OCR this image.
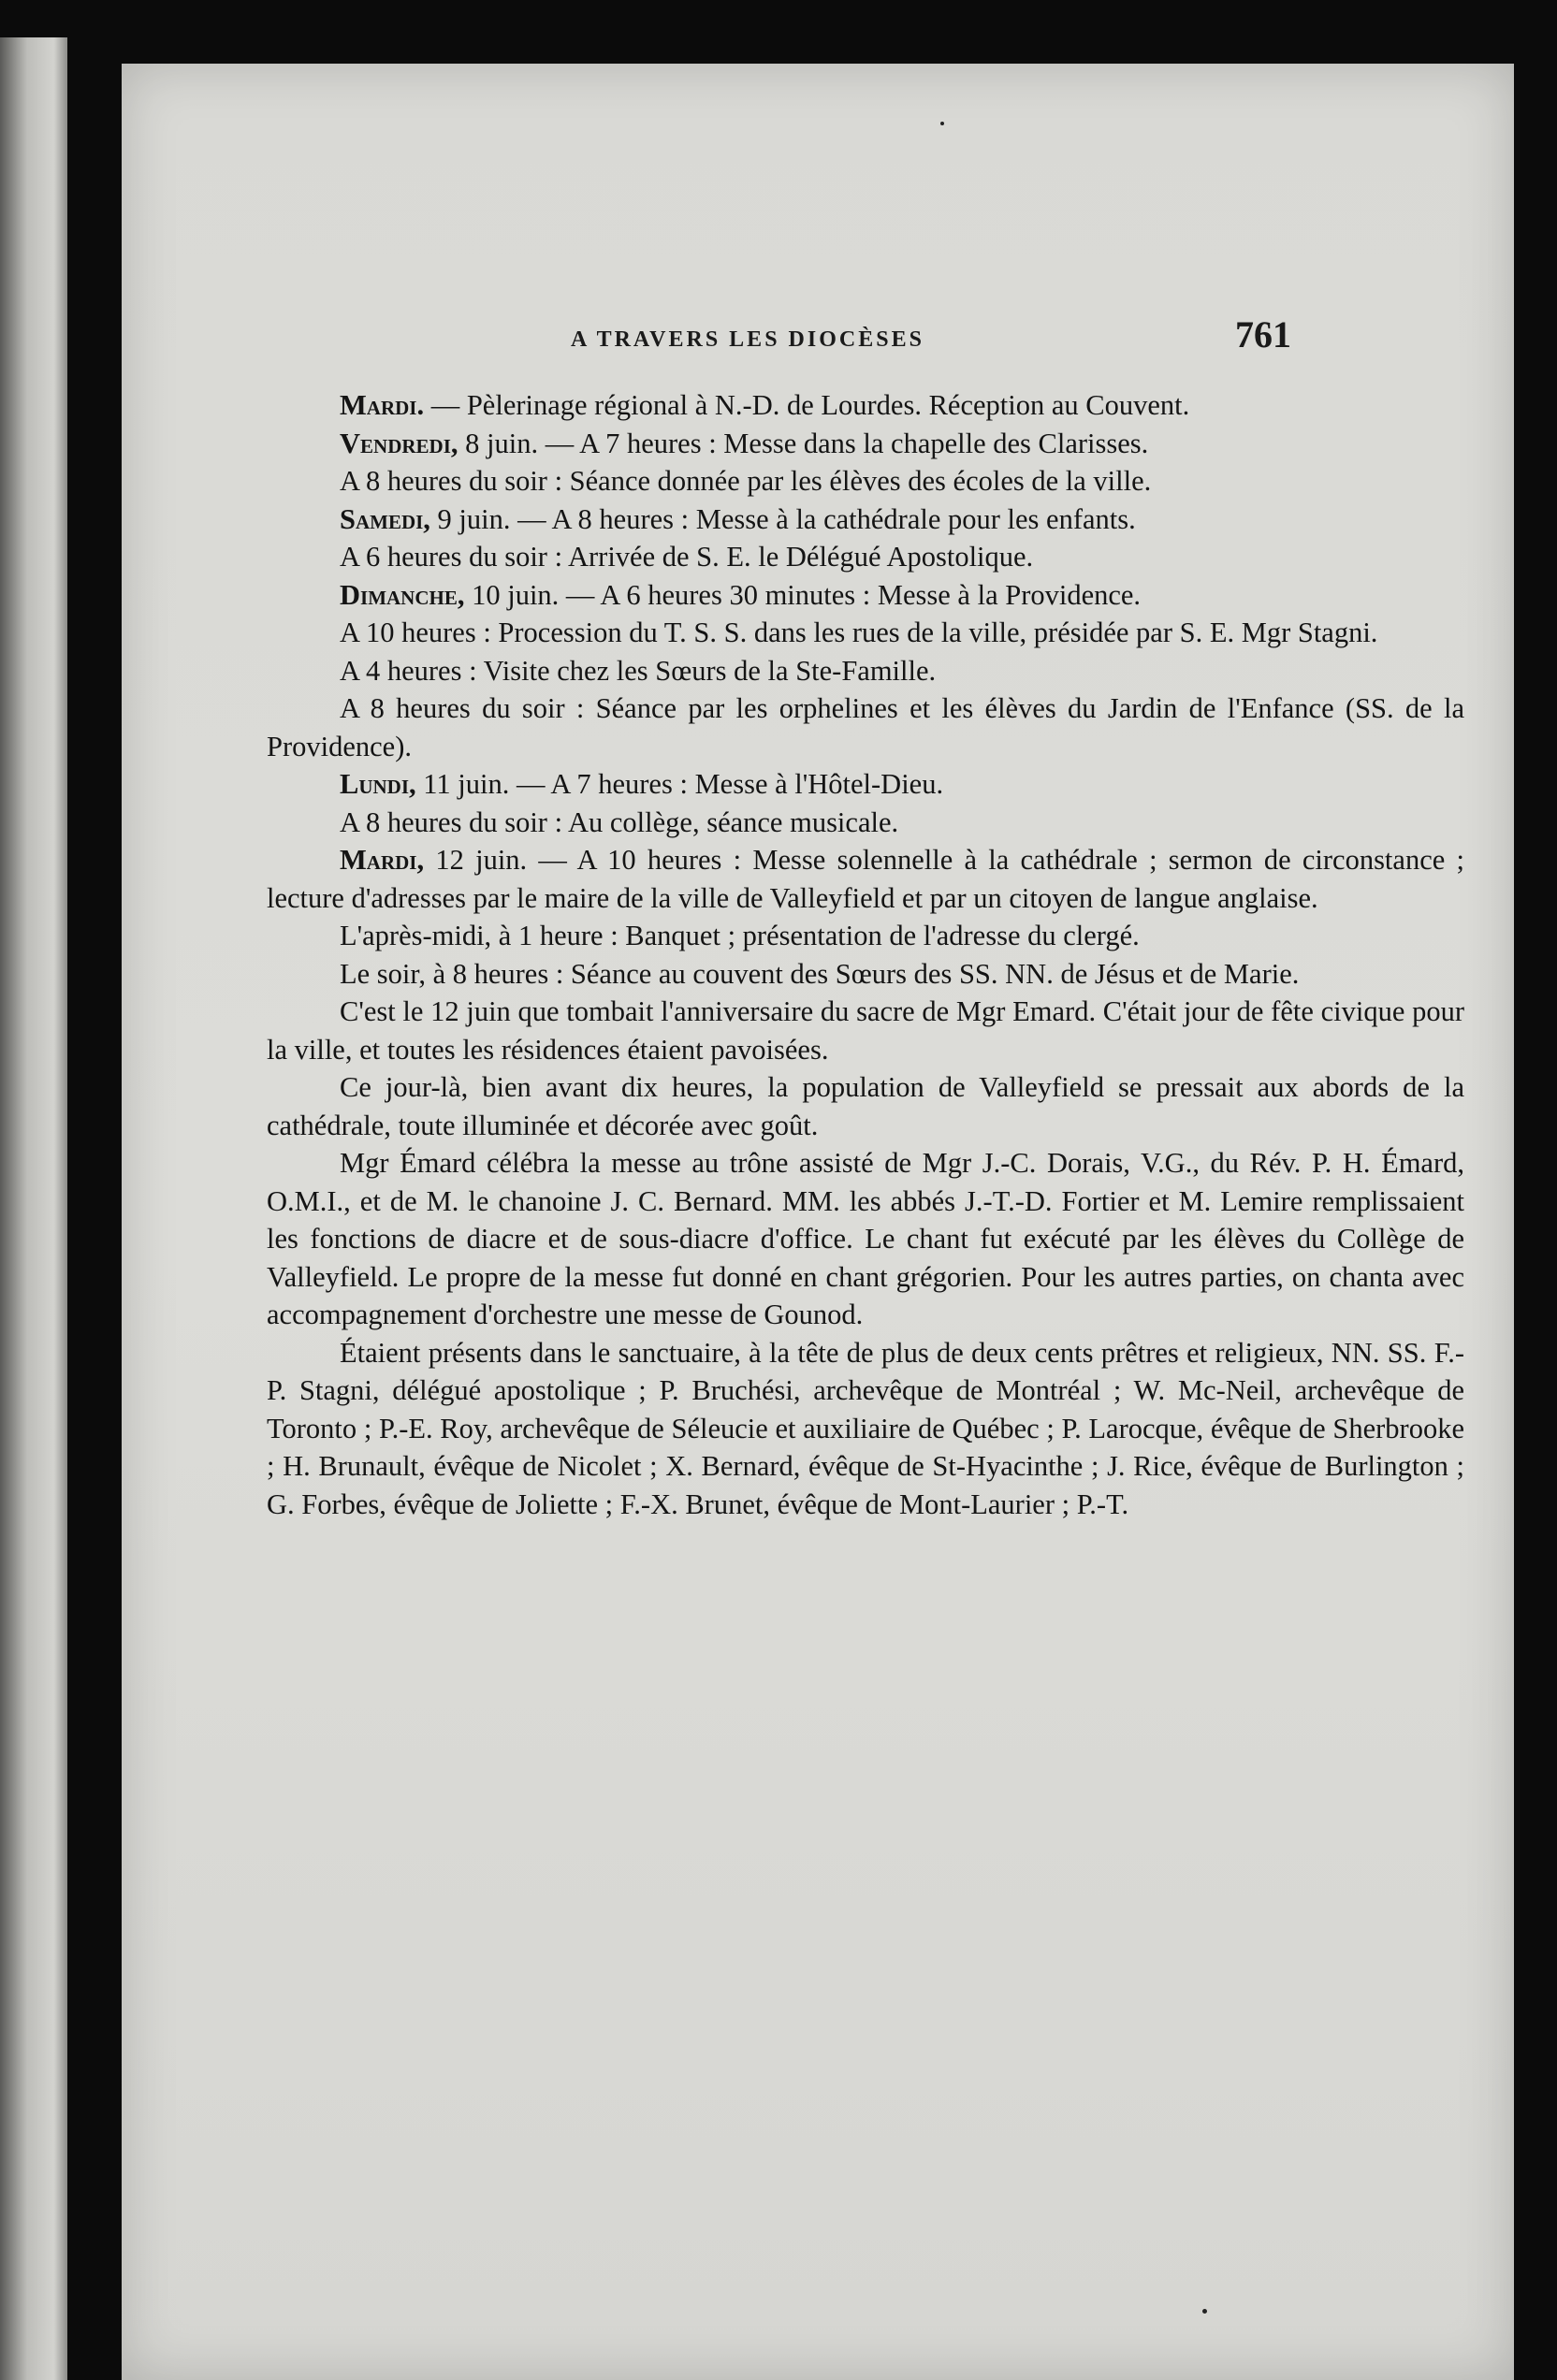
A TRAVERS LES DIOCÈSES	761

Mardi. — Pèlerinage régional à N.-D. de Lourdes. Réception au Couvent.

Vendredi, 8 juin. — A 7 heures : Messe dans la chapelle des Clarisses.

A 8 heures du soir : Séance donnée par les élèves des écoles de la ville.

Samedi, 9 juin. — A 8 heures : Messe à la cathédrale pour les enfants.

A 6 heures du soir : Arrivée de S. E. le Délégué Apostolique.

Dimanche, 10 juin. — A 6 heures 30 minutes : Messe à la Providence.

A 10 heures : Procession du T. S. S. dans les rues de la ville, présidée par S. E. Mgr Stagni.

A 4 heures : Visite chez les Sœurs de la Ste-Famille.

A 8 heures du soir : Séance par les orphelines et les élèves du Jardin de l'Enfance (SS. de la Providence).

Lundi, 11 juin. — A 7 heures : Messe à l'Hôtel-Dieu.

A 8 heures du soir : Au collège, séance musicale.

Mardi, 12 juin. — A 10 heures : Messe solennelle à la cathédrale ; sermon de circonstance ; lecture d'adresses par le maire de la ville de Valleyfield et par un citoyen de langue anglaise.

L'après-midi, à 1 heure : Banquet ; présentation de l'adresse du clergé.

Le soir, à 8 heures : Séance au couvent des Sœurs des SS. NN. de Jésus et de Marie.

C'est le 12 juin que tombait l'anniversaire du sacre de Mgr Emard. C'était jour de fête civique pour la ville, et toutes les résidences étaient pavoisées.

Ce jour-là, bien avant dix heures, la population de Valleyfield se pressait aux abords de la cathédrale, toute illuminée et décorée avec goût.

Mgr Émard célébra la messe au trône assisté de Mgr J.-C. Dorais, V.G., du Rév. P. H. Émard, O.M.I., et de M. le chanoine J. C. Bernard. MM. les abbés J.-T.-D. Fortier et M. Lemire remplissaient les fonctions de diacre et de sous-diacre d'office. Le chant fut exécuté par les élèves du Collège de Valleyfield. Le propre de la messe fut donné en chant grégorien. Pour les autres parties, on chanta avec accompagnement d'orchestre une messe de Gounod.

Étaient présents dans le sanctuaire, à la tête de plus de deux cents prêtres et religieux, NN. SS. F.-P. Stagni, délégué apostolique ; P. Bruchési, archevêque de Montréal ; W. Mc-Neil, archevêque de Toronto ; P.-E. Roy, archevêque de Séleucie et auxiliaire de Québec ; P. Larocque, évêque de Sherbrooke ; H. Brunault, évêque de Nicolet ; X. Bernard, évêque de St-Hyacinthe ; J. Rice, évêque de Burlington ; G. Forbes, évêque de Joliette ; F.-X. Brunet, évêque de Mont-Laurier ; P.-T.
